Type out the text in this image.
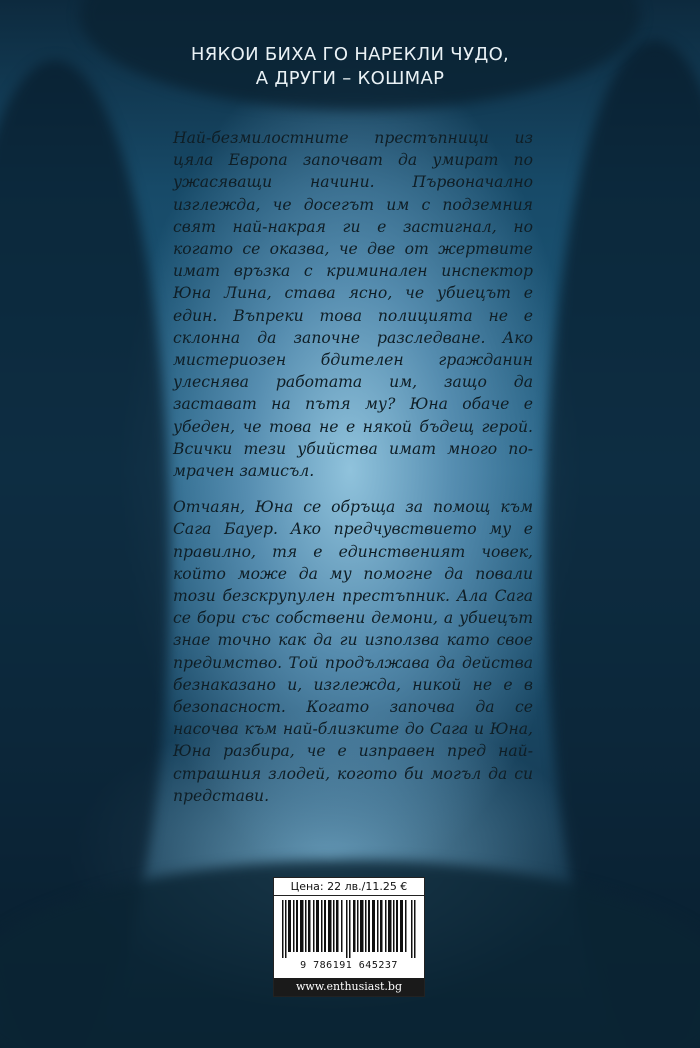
НЯКОИ БИХА ГО НАРЕКЛИ ЧУДО,
А ДРУГИ – КОШМАР

Най-безмилостните престъпници из цяла Европа започват да умират по ужасяващи начини. Първоначално изглежда, че досегът им с подземния свят най-накрая ги е застигнал, но когато се оказва, че две от жертвите имат връзка с криминален инспектор Юна Лина, става ясно, че убиецът е един. Въпреки това полицията не е склонна да започне разследване. Ако мистериозен бдителен гражданин улеснява работата им, защо да застават на пътя му? Юна обаче е убеден, че това не е някой бъдещ герой. Всички тези убийства имат много по-мрачен замисъл.

Отчаян, Юна се обръща за помощ към Сага Бауер. Ако предчувствието му е правилно, тя е единственият човек, който може да му помогне да повали този безскрупулен престъпник. Ала Сага се бори със собствени демони, а убиецът знае точно как да ги използва като свое предимство. Той продължава да действа безнаказано и, изглежда, никой не е в безопасност. Когато започва да се насочва към най-близките до Сага и Юна, Юна разбира, че е изправен пред най-страшния злодей, когото би могъл да си представи.

Цена: 22 лв./11.25 €
9 786191 645237
www.enthusiast.bg
